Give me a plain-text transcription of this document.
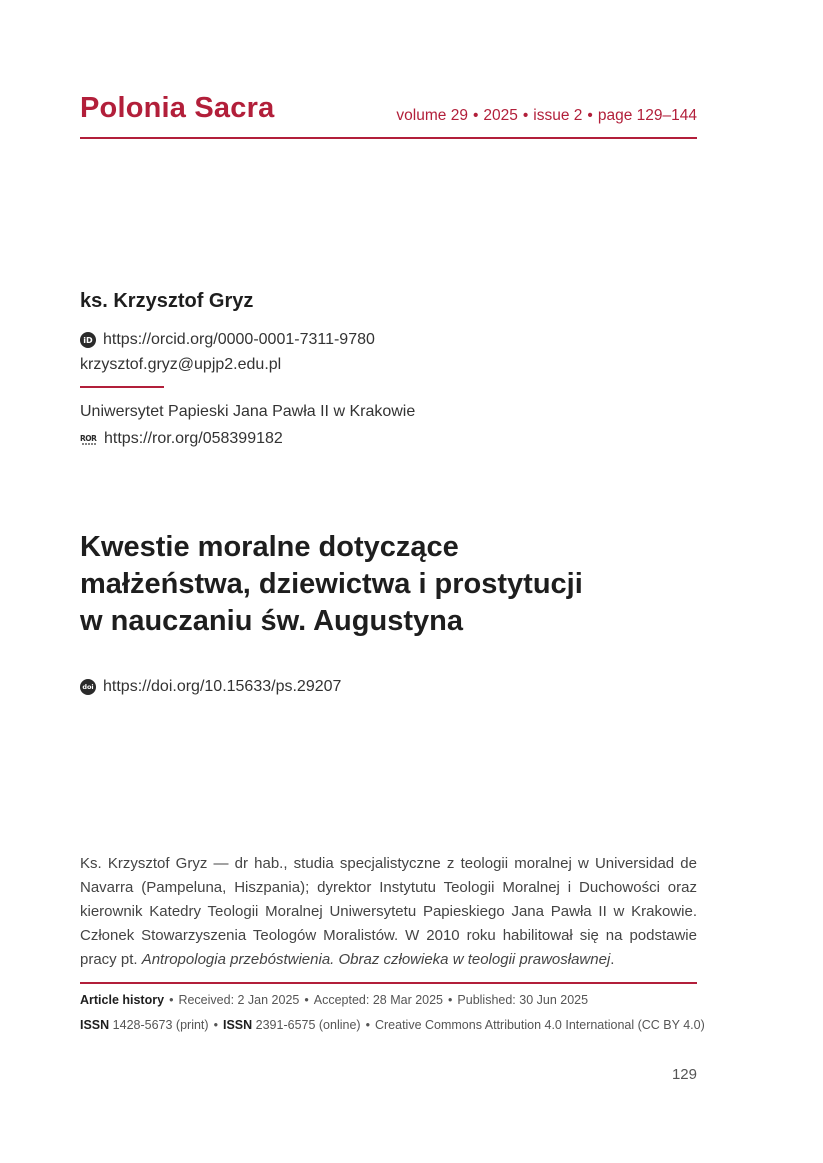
Polonia Sacra	volume 29 • 2025 • issue 2 • page 129–144
ks. Krzysztof Gryz
iD https://orcid.org/0000-0001-7311-9780
krzysztof.gryz@upjp2.edu.pl
Uniwersytet Papieski Jana Pawła II w Krakowie
ROR https://ror.org/058399182
Kwestie moralne dotyczące
małżeństwa, dziewictwa i prostytucji
w nauczaniu św. Augustyna
doi https://doi.org/10.15633/ps.29207
Ks. Krzysztof Gryz — dr hab., studia specjalistyczne z teologii moralnej w Universidad de Navarra (Pampeluna, Hiszpania); dyrektor Instytutu Teologii Moralnej i Duchowości oraz kierownik Katedry Teologii Moralnej Uniwersytetu Papieskiego Jana Pawła II w Krakowie. Członek Stowarzyszenia Teologów Moralistów. W 2010 roku habilitował się na podstawie pracy pt. Antropologia przebóstwienia. Obraz człowieka w teologii prawosławnej.
Article history • Received: 2 Jan 2025 • Accepted: 28 Mar 2025 • Published: 30 Jun 2025
ISSN 1428-5673 (print) • ISSN 2391-6575 (online) • Creative Commons Attribution 4.0 International (CC BY 4.0)
129
